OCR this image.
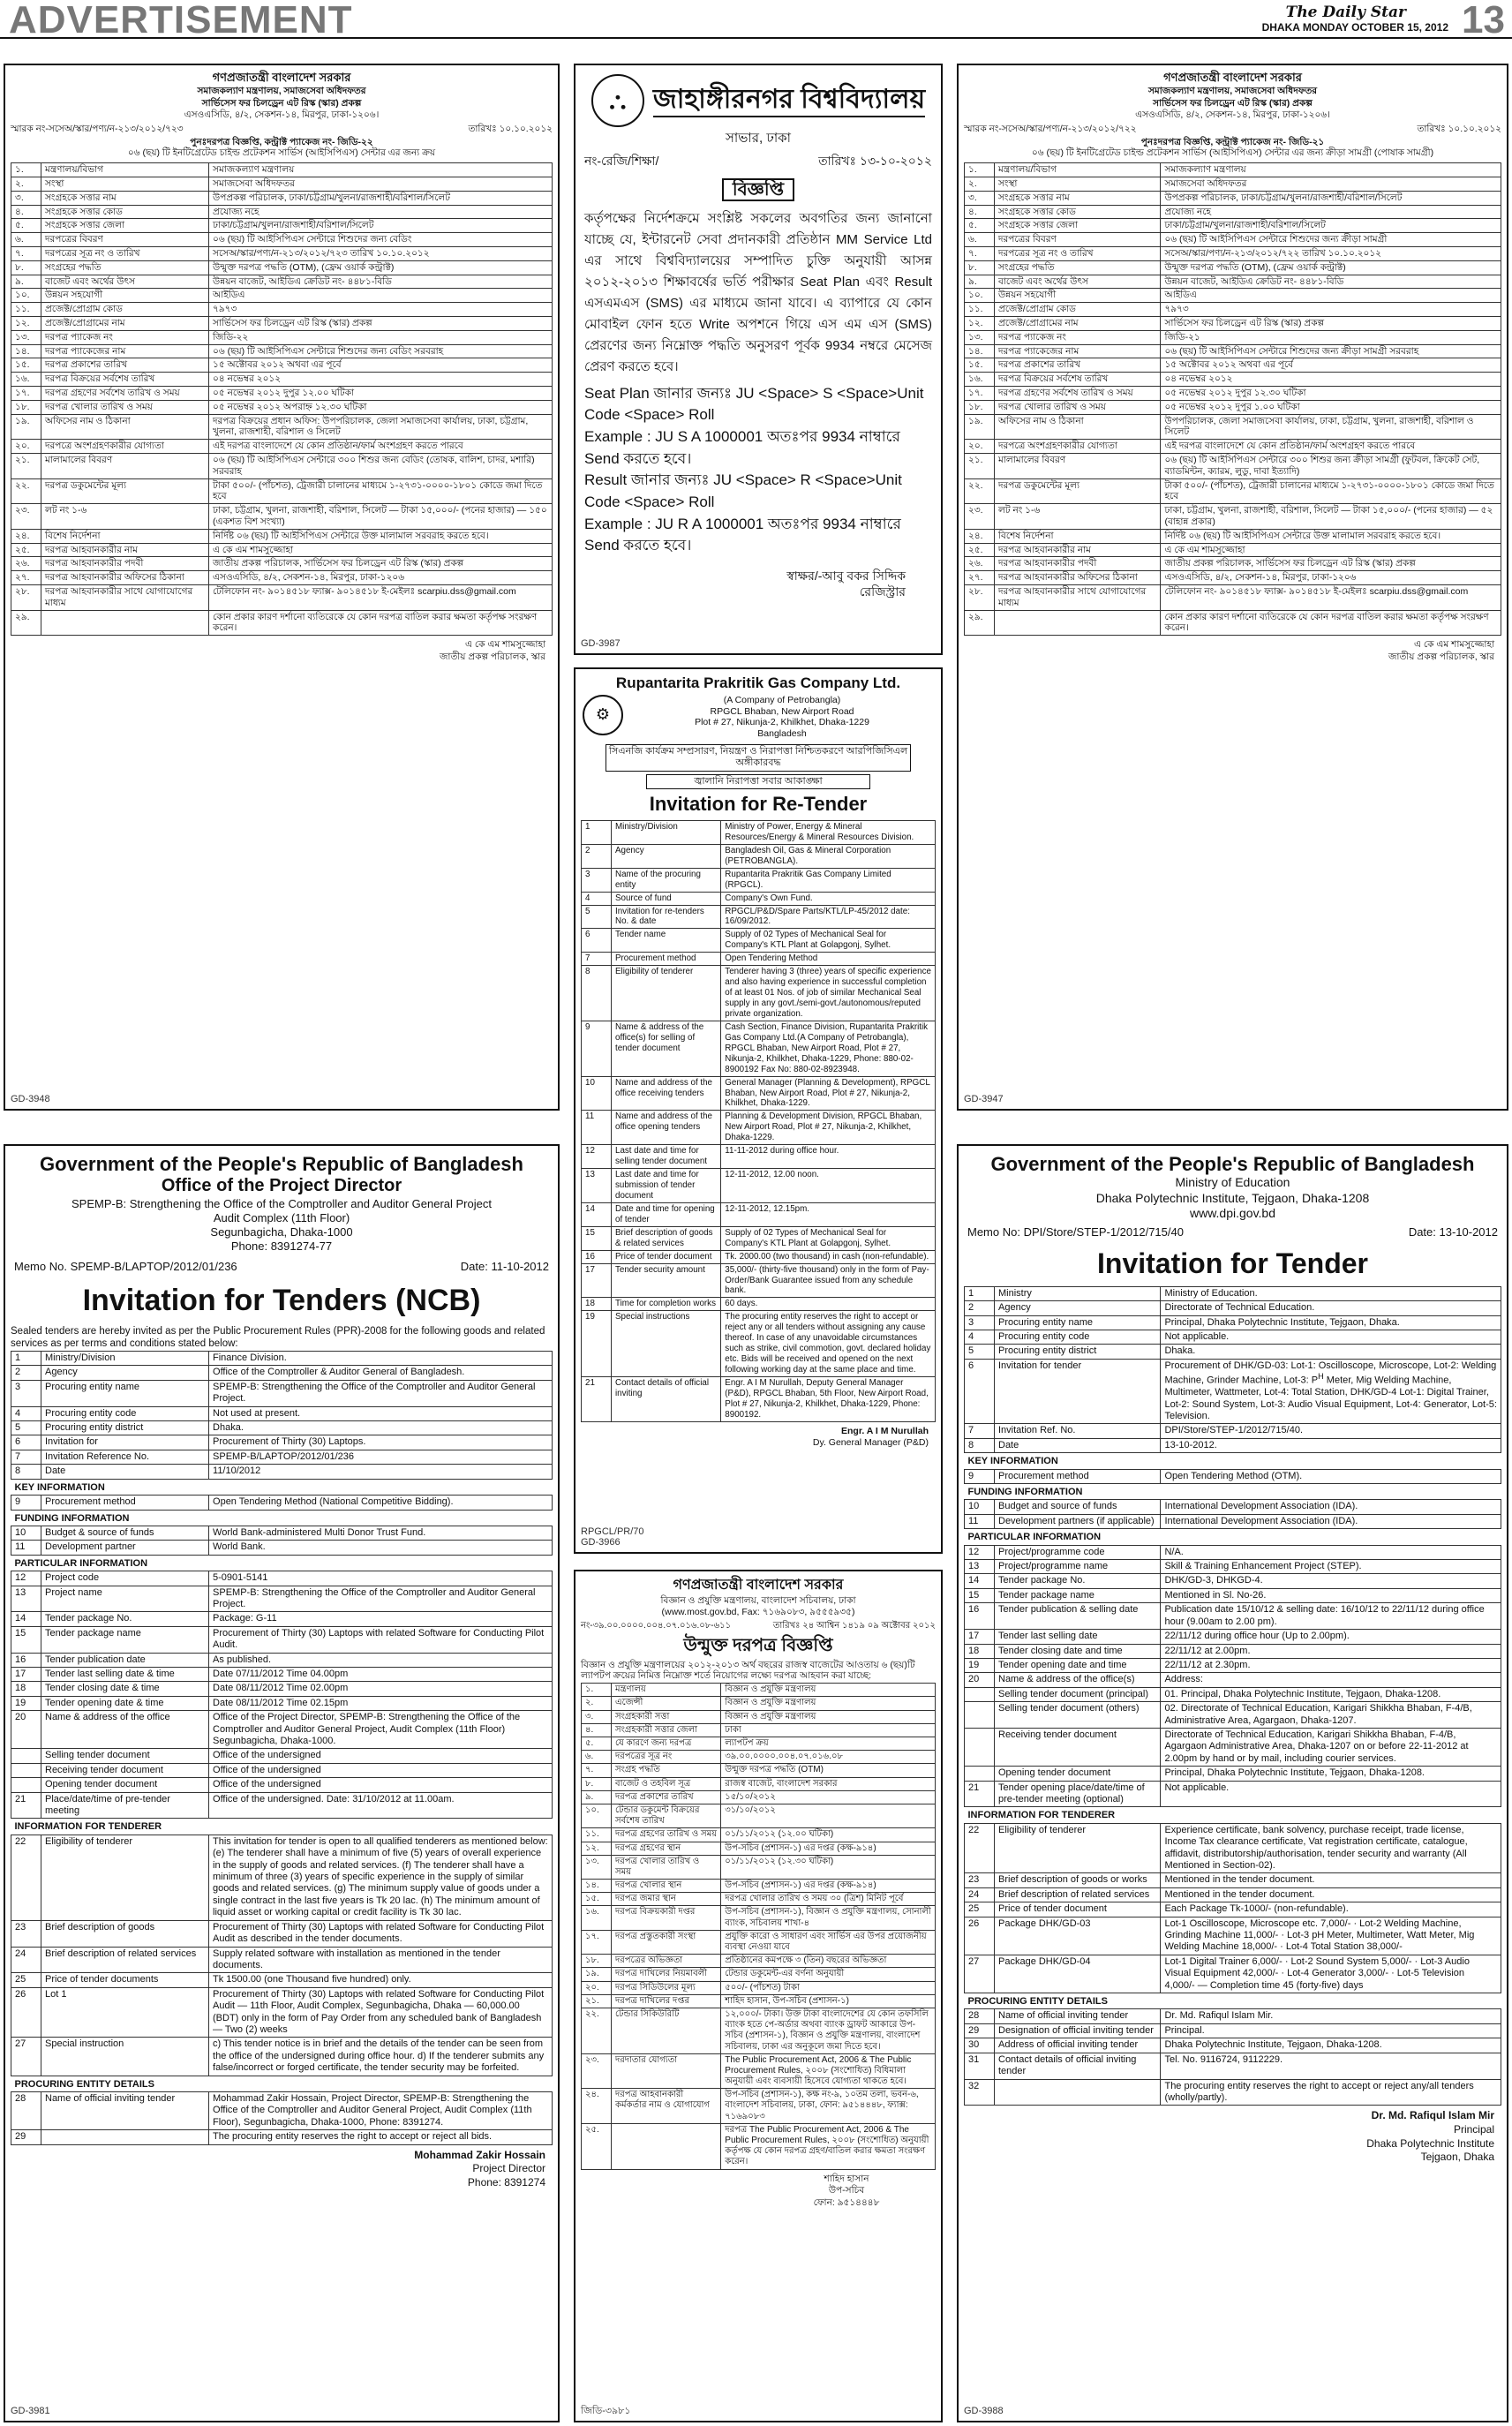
ADVERTISEMENT	The Daily Star
DHAKA MONDAY OCTOBER 15, 2012 13
গণপ্রজাতন্ত্রী বাংলাদেশ সরকার
সমাজকল্যাণ মন্ত্রণালয়, সমাজসেবা অধিদফতর
সার্ভিসেস ফর চিলড্রেন এট রিস্ক (স্কার) প্রকল্প
এসওএসিডি, ৪/২, সেকশন-১৪, মিরপুর, ঢাকা-১২০৬।
স্মারক নং-সসেঅ/স্কার/পণ্য/ন-২১৩/২০১২/৭২৩	তারিখঃ ১০.১০.২০১২
পুনঃদরপত্র বিজ্ঞপ্তি, কন্ট্রাক্ট প্যাকেজ নং- জিডি-২২
০৬ (ছয়) টি ইনটিগ্রেটেড চাইল্ড প্রটেকশন সার্ভিস (আইসিপিএস) সেন্টার এর জন্য ক্রয়
১.	মন্ত্রণালয়/বিভাগ	সমাজকল্যাণ মন্ত্রণালয়
২.	সংস্থা	সমাজসেবা অধিদফতর
৩.	সংগ্রহকে সত্তার নাম	উপপ্রকল্প পরিচালক, ঢাকা/চট্টগ্রাম/খুলনা/রাজশাহী/বরিশাল/সিলেট
৪.	সংগ্রহকে সত্তার কোড	প্রযোজ্য নহে
৫.	সংগ্রহকে সত্তার জেলা	ঢাকা/চট্টগ্রাম/খুলনা/রাজশাহী/বরিশাল/সিলেট
৬.	দরপত্রের বিবরণ	০৬ (ছয়) টি আইসিপিএস সেন্টারে শিশুদের জন্য বেডিং
৭.	দরপত্রের সূত্র নং ও তারিখ	সসেঅ/স্কার/পণ্য/ন-২১৩/২০১২/৭২৩ তারিখ ১০.১০.২০১২
৮.	সংগ্রহের পদ্ধতি	উন্মুক্ত দরপত্র পদ্ধতি (OTM), (ফ্রেম ওয়ার্ক কন্ট্রাক্ট)
৯.	বাজেট এবং অর্থের উৎস	উন্নয়ন বাজেট, আইডিএ ক্রেডিট নং- ৪৪৮১-বিডি
১০.	উন্নয়ন সহযোগী	আইডিএ
১১.	প্রজেক্ট/প্রোগ্রাম কোড	৭৯৭৩
১২.	প্রজেক্ট/প্রোগ্রামের নাম	সার্ভিসেস ফর চিলড্রেন এট রিস্ক (স্কার) প্রকল্প
১৩.	দরপত্র প্যাকেজ নং	জিডি-২২
১৪.	দরপত্র প্যাকেজের নাম	০৬ (ছয়) টি আইসিপিএস সেন্টারে শিশুদের জন্য বেডিং সরবরাহ
১৫.	দরপত্র প্রকাশের তারিখ	১৫ অক্টোবর ২০১২ অথবা এর পূর্বে
১৬.	দরপত্র বিক্রয়ের সর্বশেষ তারিখ	০৪ নভেম্বর ২০১২
১৭.	দরপত্র গ্রহণের সর্বশেষ তারিখ ও সময়	০৫ নভেম্বর ২০১২ দুপুর ১২.০০ ঘটিকা
১৮.	দরপত্র খোলার তারিখ ও সময়	০৫ নভেম্বর ২০১২ অপরাহ্ন ১২.৩০ ঘটিকা
১৯.	অফিসের নাম ও ঠিকানা	দরপত্র বিক্রয়ের প্রধান অফিস: উপপরিচালক, জেলা সমাজসেবা কার্যালয়, ঢাকা, চট্টগ্রাম, খুলনা, রাজশাহী, বরিশাল ও সিলেট
২০.	দরপত্রে অংশগ্রহণকারীর যোগ্যতা	এই দরপত্র বাংলাদেশে যে কোন প্রতিষ্ঠান/ফার্ম অংশগ্রহণ করতে পারবে
২১.	মালামালের বিবরণ	০৬ (ছয়) টি আইসিপিএস সেন্টারে ৩০০ শিশুর জন্য বেডিং (তোষক, বালিশ, চাদর, মশারি) সরবরাহ
২২.	দরপত্র ডকুমেন্টের মূল্য	টাকা ৫০০/- (পাঁচশত), ট্রেজারী চালানের মাধ্যমে ১-২৭৩১-০০০০-১৮০১ কোডে জমা দিতে হবে
২৩.	লট নং ১-৬	ঢাকা, চট্টগ্রাম, খুলনা, রাজশাহী, বরিশাল, সিলেট — টাকা ১৫,০০০/- (পনের হাজার) — ১৫০ (একশত বিশ সংখ্যা)
২৪.	বিশেষ নির্দেশনা	নির্দিষ্ট ০৬ (ছয়) টি আইসিপিএস সেন্টারে উক্ত মালামাল সরবরাহ করতে হবে।
২৫.	দরপত্র আহবানকারীর নাম	এ কে এম শামসুজ্জোহা
২৬.	দরপত্র আহবানকারীর পদবী	জাতীয় প্রকল্প পরিচালক, সার্ভিসেস ফর চিলড্রেন এট রিস্ক (স্কার) প্রকল্প
২৭.	দরপত্র আহবানকারীর অফিসের ঠিকানা	এসওএসিডি, ৪/২, সেকশন-১৪, মিরপুর, ঢাকা-১২০৬
২৮.	দরপত্র আহবানকারীর সাথে যোগাযোগের মাধ্যম	টেলিফোন নং- ৯০১৪৫১৮ ফ্যাক্স- ৯০১৪৫১৮ ই-মেইলঃ scarpiu.dss@gmail.com
২৯.		কোন প্রকার কারণ দর্শানো ব্যতিরেকে যে কোন দরপত্র বাতিল করার ক্ষমতা কর্তৃপক্ষ সংরক্ষণ করেন।
এ কে এম শামসুজ্জোহা
জাতীয় প্রকল্প পরিচালক, স্কার
GD-3948
⛬	জাহাঙ্গীরনগর বিশ্ববিদ্যালয়
সাভার, ঢাকা
নং-রেজি/শিক্ষা/	তারিখঃ ১৩-১০-২০১২
বিজ্ঞপ্তি
কর্তৃপক্ষের নির্দেশক্রমে সংশ্লিষ্ট সকলের অবগতির জন্য জানানো যাচ্ছে যে, ইন্টারনেট সেবা প্রদানকারী প্রতিষ্ঠান MM Service Ltd এর সাথে বিশ্ববিদ্যালয়ের সম্পাদিত চুক্তি অনুযায়ী আসন্ন ২০১২-২০১৩ শিক্ষাবর্ষের ভর্তি পরীক্ষার Seat Plan এবং Result এসএমএস (SMS) এর মাধ্যমে জানা যাবে। এ ব্যাপারে যে কোন মোবাইল ফোন হতে Write অপশনে গিয়ে এস এম এস (SMS) প্রেরণের জন্য নিম্নোক্ত পদ্ধতি অনুসরণ পূর্বক 9934 নম্বরে মেসেজ প্রেরণ করতে হবে।
Seat Plan জানার জন্যঃ JU <Space> S <Space>Unit Code <Space> Roll
Example : JU S A 1000001 অতঃপর 9934 নাম্বারে Send করতে হবে।
Result জানার জন্যঃ JU <Space> R <Space>Unit Code <Space> Roll
Example : JU R A 1000001 অতঃপর 9934 নাম্বারে Send করতে হবে।
স্বাক্ষর/-আবু বকর সিদ্দিক
রেজিস্ট্রার
GD-3987
Rupantarita Prakritik Gas Company Ltd.
⚙
(A Company of Petrobangla)
RPGCL Bhaban, New Airport Road
Plot # 27, Nikunja-2, Khilkhet, Dhaka-1229
Bangladesh
সিএনজি কার্যক্রম সম্প্রসারণ, নিয়ন্ত্রণ ও নিরাপত্তা নিশ্চিতকরণে আরপিজিসিএল অঙ্গীকারবদ্ধ
জ্বালানি নিরাপত্তা সবার আকাঙ্ক্ষা
Invitation for Re-Tender
1	Ministry/Division	Ministry of Power, Energy & Mineral Resources/Energy & Mineral Resources Division.
2	Agency	Bangladesh Oil, Gas & Mineral Corporation (PETROBANGLA).
3	Name of the procuring entity	Rupantarita Prakritik Gas Company Limited (RPGCL).
4	Source of fund	Company's Own Fund.
5	Invitation for re-tenders No. & date	RPGCL/P&D/Spare Parts/KTL/LP-45/2012 date: 16/09/2012.
6	Tender name	Supply of 02 Types of Mechanical Seal for Company's KTL Plant at Golapgonj, Sylhet.
7	Procurement method	Open Tendering Method
8	Eligibility of tenderer	Tenderer having 3 (three) years of specific experience and also having experience in successful completion of at least 01 Nos. of job of similar Mechanical Seal supply in any govt./semi-govt./autonomous/reputed private organization.
9	Name & address of the office(s) for selling of tender document	Cash Section, Finance Division, Rupantarita Prakritik Gas Company Ltd.(A Company of Petrobangla), RPGCL Bhaban, New Airport Road, Plot # 27, Nikunja-2, Khilkhet, Dhaka-1229, Phone: 880-02-8900192 Fax No: 880-02-8923948.
10	Name and address of the office receiving tenders	General Manager (Planning & Development), RPGCL Bhaban, New Airport Road, Plot # 27, Nikunja-2, Khilkhet, Dhaka-1229.
11	Name and address of the office opening tenders	Planning & Development Division, RPGCL Bhaban, New Airport Road, Plot # 27, Nikunja-2, Khilkhet, Dhaka-1229.
12	Last date and time for selling tender document	11-11-2012 during office hour.
13	Last date and time for submission of tender document	12-11-2012, 12.00 noon.
14	Date and time for opening of tender	12-11-2012, 12.15pm.
15	Brief description of goods & related services	Supply of 02 Types of Mechanical Seal for Company's KTL Plant at Golapgonj, Sylhet.
16	Price of tender document	Tk. 2000.00 (two thousand) in cash (non-refundable).
17	Tender security amount	35,000/- (thirty-five thousand) only in the form of Pay-Order/Bank Guarantee issued from any schedule bank.
18	Time for completion works	60 days.
19	Special instructions	The procuring entity reserves the right to accept or reject any or all tenders without assigning any cause thereof. In case of any unavoidable circumstances such as strike, civil commotion, govt. declared holiday etc. Bids will be received and opened on the next following working day at the same place and time.
21	Contact details of official inviting	Engr. A I M Nurullah, Deputy General Manager (P&D), RPGCL Bhaban, 5th Floor, New Airport Road, Plot # 27, Nikunja-2, Khilkhet, Dhaka-1229, Phone: 8900192.
Engr. A I M Nurullah
Dy. General Manager (P&D)
RPGCL/PR/70
GD-3966
গণপ্রজাতন্ত্রী বাংলাদেশ সরকার
সমাজকল্যাণ মন্ত্রণালয়, সমাজসেবা অধিদফতর
সার্ভিসেস ফর চিলড্রেন এট রিস্ক (স্কার) প্রকল্প
এসওএসিডি, ৪/২, সেকশন-১৪, মিরপুর, ঢাকা-১২০৬।
স্মারক নং-সসেঅ/স্কার/পণ্য/ন-২১৩/২০১২/৭২২	তারিখঃ ১০.১০.২০১২
পুনঃদরপত্র বিজ্ঞপ্তি, কন্ট্রাক্ট প্যাকেজ নং- জিডি-২১
০৬ (ছয়) টি ইনটিগ্রেটেড চাইল্ড প্রটেকশন সার্ভিস (আইসিপিএস) সেন্টার এর জন্য ক্রীড়া সামগ্রী (পোষাক সামগ্রী)
১.	মন্ত্রণালয়/বিভাগ	সমাজকল্যাণ মন্ত্রণালয়
২.	সংস্থা	সমাজসেবা অধিদফতর
৩.	সংগ্রহকে সত্তার নাম	উপপ্রকল্প পরিচালক, ঢাকা/চট্টগ্রাম/খুলনা/রাজশাহী/বরিশাল/সিলেট
৪.	সংগ্রহকে সত্তার কোড	প্রযোজ্য নহে
৫.	সংগ্রহকে সত্তার জেলা	ঢাকা/চট্টগ্রাম/খুলনা/রাজশাহী/বরিশাল/সিলেট
৬.	দরপত্রের বিবরণ	০৬ (ছয়) টি আইসিপিএস সেন্টারে শিশুদের জন্য ক্রীড়া সামগ্রী
৭.	দরপত্রের সূত্র নং ও তারিখ	সসেঅ/স্কার/পণ্য/ন-২১৩/২০১২/৭২২ তারিখ ১০.১০.২০১২
৮.	সংগ্রহের পদ্ধতি	উন্মুক্ত দরপত্র পদ্ধতি (OTM), (ফ্রেম ওয়ার্ক কন্ট্রাক্ট)
৯.	বাজেট এবং অর্থের উৎস	উন্নয়ন বাজেট, আইডিএ ক্রেডিট নং- ৪৪৮১-বিডি
১০.	উন্নয়ন সহযোগী	আইডিএ
১১.	প্রজেক্ট/প্রোগ্রাম কোড	৭৯৭৩
১২.	প্রজেক্ট/প্রোগ্রামের নাম	সার্ভিসেস ফর চিলড্রেন এট রিস্ক (স্কার) প্রকল্প
১৩.	দরপত্র প্যাকেজ নং	জিডি-২১
১৪.	দরপত্র প্যাকেজের নাম	০৬ (ছয়) টি আইসিপিএস সেন্টারে শিশুদের জন্য ক্রীড়া সামগ্রী সরবরাহ
১৫.	দরপত্র প্রকাশের তারিখ	১৫ অক্টোবর ২০১২ অথবা এর পূর্বে
১৬.	দরপত্র বিক্রয়ের সর্বশেষ তারিখ	০৪ নভেম্বর ২০১২
১৭.	দরপত্র গ্রহণের সর্বশেষ তারিখ ও সময়	০৫ নভেম্বর ২০১২ দুপুর ১২.৩০ ঘটিকা
১৮.	দরপত্র খোলার তারিখ ও সময়	০৫ নভেম্বর ২০১২ দুপুর ১.০০ ঘটিকা
১৯.	অফিসের নাম ও ঠিকানা	উপপরিচালক, জেলা সমাজসেবা কার্যালয়, ঢাকা, চট্টগ্রাম, খুলনা, রাজশাহী, বরিশাল ও সিলেট
২০.	দরপত্রে অংশগ্রহণকারীর যোগ্যতা	এই দরপত্র বাংলাদেশে যে কোন প্রতিষ্ঠান/ফার্ম অংশগ্রহণ করতে পারবে
২১.	মালামালের বিবরণ	০৬ (ছয়) টি আইসিপিএস সেন্টারে ৩০০ শিশুর জন্য ক্রীড়া সামগ্রী (ফুটবল, ক্রিকেট সেট, ব্যাডমিন্টন, ক্যারম, লুডু, দাবা ইত্যাদি)
২২.	দরপত্র ডকুমেন্টের মূল্য	টাকা ৫০০/- (পাঁচশত), ট্রেজারী চালানের মাধ্যমে ১-২৭৩১-০০০০-১৮০১ কোডে জমা দিতে হবে
২৩.	লট নং ১-৬	ঢাকা, চট্টগ্রাম, খুলনা, রাজশাহী, বরিশাল, সিলেট — টাকা ১৫,০০০/- (পনের হাজার) — ৫২ (বাহান্ন প্রকার)
২৪.	বিশেষ নির্দেশনা	নির্দিষ্ট ০৬ (ছয়) টি আইসিপিএস সেন্টারে উক্ত মালামাল সরবরাহ করতে হবে।
২৫.	দরপত্র আহবানকারীর নাম	এ কে এম শামসুজ্জোহা
২৬.	দরপত্র আহবানকারীর পদবী	জাতীয় প্রকল্প পরিচালক, সার্ভিসেস ফর চিলড্রেন এট রিস্ক (স্কার) প্রকল্প
২৭.	দরপত্র আহবানকারীর অফিসের ঠিকানা	এসওএসিডি, ৪/২, সেকশন-১৪, মিরপুর, ঢাকা-১২০৬
২৮.	দরপত্র আহবানকারীর সাথে যোগাযোগের মাধ্যম	টেলিফোন নং- ৯০১৪৫১৮ ফ্যাক্স- ৯০১৪৫১৮ ই-মেইলঃ scarpiu.dss@gmail.com
২৯.		কোন প্রকার কারণ দর্শানো ব্যতিরেকে যে কোন দরপত্র বাতিল করার ক্ষমতা কর্তৃপক্ষ সংরক্ষণ করেন।
এ কে এম শামসুজ্জোহা
জাতীয় প্রকল্প পরিচালক, স্কার
GD-3947
Government of the People's Republic of Bangladesh
Office of the Project Director
SPEMP-B: Strengthening the Office of the Comptroller and Auditor General Project
Audit Complex (11th Floor)
Segunbagicha, Dhaka-1000
Phone: 8391274-77
Memo No. SPEMP-B/LAPTOP/2012/01/236	Date: 11-10-2012
Invitation for Tenders (NCB)
Sealed tenders are hereby invited as per the Public Procurement Rules (PPR)-2008 for the following goods and related services as per terms and conditions stated below:
1	Ministry/Division	Finance Division.
2	Agency	Office of the Comptroller & Auditor General of Bangladesh.
3	Procuring entity name	SPEMP-B: Strengthening the Office of the Comptroller and Auditor General Project.
4	Procuring entity code	Not used at present.
5	Procuring entity district	Dhaka.
6	Invitation for	Procurement of Thirty (30) Laptops.
7	Invitation Reference No.	SPEMP-B/LAPTOP/2012/01/236
8	Date	11/10/2012
KEY INFORMATION		
9	Procurement method	Open Tendering Method (National Competitive Bidding).
FUNDING INFORMATION		
10	Budget & source of funds	World Bank-administered Multi Donor Trust Fund.
11	Development partner	World Bank.
PARTICULAR INFORMATION		
12	Project code	5-0901-5141
13	Project name	SPEMP-B: Strengthening the Office of the Comptroller and Auditor General Project.
14	Tender package No.	Package: G-11
15	Tender package name	Procurement of Thirty (30) Laptops with related Software for Conducting Pilot Audit.
16	Tender publication date	As published.
17	Tender last selling date & time	Date 07/11/2012 Time 04.00pm
18	Tender closing date & time	Date 08/11/2012 Time 02.00pm
19	Tender opening date & time	Date 08/11/2012 Time 02.15pm
20	Name & address of the office	Office of the Project Director, SPEMP-B: Strengthening the Office of the Comptroller and Auditor General Project, Audit Complex (11th Floor) Segunbagicha, Dhaka-1000.
	Selling tender document	Office of the undersigned
	Receiving tender document	Office of the undersigned
	Opening tender document	Office of the undersigned
21	Place/date/time of pre-tender meeting	Office of the undersigned. Date: 31/10/2012 at 11.00am.
INFORMATION FOR TENDERER		
22	Eligibility of tenderer	This invitation for tender is open to all qualified tenderers as mentioned below: (e) The tenderer shall have a minimum of five (5) years of overall experience in the supply of goods and related services. (f) The tenderer shall have a minimum of three (3) years of specific experience in the supply of similar goods and related services. (g) The minimum supply value of goods under a single contract in the last five years is Tk 20 lac. (h) The minimum amount of liquid asset or working capital or credit facility is Tk 30 lac.
23	Brief description of goods	Procurement of Thirty (30) Laptops with related Software for Conducting Pilot Audit as described in the tender documents.
24	Brief description of related services	Supply related software with installation as mentioned in the tender documents.
25	Price of tender documents	Tk 1500.00 (one Thousand five hundred) only.
26	Lot 1	Procurement of Thirty (30) Laptops with related Software for Conducting Pilot Audit — 11th Floor, Audit Complex, Segunbagicha, Dhaka — 60,000.00 (BDT) only in the form of Pay Order from any scheduled bank of Bangladesh — Two (2) weeks
27	Special instruction	c) This tender notice is in brief and the details of the tender can be seen from the office of the undersigned during office hour. d) If the tenderer submits any false/incorrect or forged certificate, the tender security may be forfeited.
PROCURING ENTITY DETAILS		
28	Name of official inviting tender	Mohammad Zakir Hossain, Project Director, SPEMP-B: Strengthening the Office of the Comptroller and Auditor General Project, Audit Complex (11th Floor), Segunbagicha, Dhaka-1000, Phone: 8391274.
29		The procuring entity reserves the right to accept or reject all bids.
Mohammad Zakir Hossain
Project Director
Phone: 8391274
GD-3981
গণপ্রজাতন্ত্রী বাংলাদেশ সরকার
বিজ্ঞান ও প্রযুক্তি মন্ত্রণালয়, বাংলাদেশ সচিবালয়, ঢাকা
(www.most.gov.bd, Fax: ৭১৬৯০৮৩, ৯৫৫৫৯৩৫)
নং-৩৯.০০.০০০০.০০৪.০৭.০১৬.০৮-৬১১	তারিখঃ ২৪ আশ্বিন ১৪১৯ ০৯ অক্টোবর ২০১২
উন্মুক্ত দরপত্র বিজ্ঞপ্তি
বিজ্ঞান ও প্রযুক্তি মন্ত্রণালয়ের ২০১২-২০১৩ অর্থ বছরের রাজস্ব বাজেটের আওতায় ৬ (ছয়)টি ল্যাপটপ ক্রয়ের নিমিত্ত নিম্নোক্ত শর্তে নিয়োগের লক্ষ্যে দরপত্র আহবান করা যাচ্ছে:
১.	মন্ত্রণালয়	বিজ্ঞান ও প্রযুক্তি মন্ত্রণালয়
২.	এজেন্সী	বিজ্ঞান ও প্রযুক্তি মন্ত্রণালয়
৩.	সংগ্রহকারী সত্তা	বিজ্ঞান ও প্রযুক্তি মন্ত্রণালয়
৪.	সংগ্রহকারী সত্তার জেলা	ঢাকা
৫.	যে কারণে জন্য দরপত্র	ল্যাপটপ ক্রয়
৬.	দরপত্রের সূত্র নং	৩৯.০০.০০০০.০০৪.০৭.০১৬.০৮
৭.	সংগ্রহ পদ্ধতি	উন্মুক্ত দরপত্র পদ্ধতি (OTM)
৮.	বাজেট ও তহবিল সূত্র	রাজস্ব বাজেট, বাংলাদেশ সরকার
৯.	দরপত্র প্রকাশের তারিখ	১৫/১০/২০১২
১০.	টেন্ডার ডকুমেন্ট বিক্রয়ের সর্বশেষ তারিখ	৩১/১০/২০১২
১১.	দরপত্র গ্রহণের তারিখ ও সময়	০১/১১/২০১২ (১২.০০ ঘটিকা)
১২.	দরপত্র গ্রহণের স্থান	উপ-সচিব (প্রশাসন-১) এর দপ্তর (কক্ষ-৯১৪)
১৩.	দরপত্র খোলার তারিখ ও সময়	০১/১১/২০১২ (১২.৩০ ঘটিকা)
১৪.	দরপত্র খোলার স্থান	উপ-সচিব (প্রশাসন-১) এর দপ্তর (কক্ষ-৯১৪)
১৫.	দরপত্র জমার স্থান	দরপত্র খোলার তারিখ ও সময় ৩০ (ত্রিশ) মিনিট পূর্বে
১৬.	দরপত্র বিক্রয়কারী দপ্তর	উপ-সচিব (প্রশাসন-১), বিজ্ঞান ও প্রযুক্তি মন্ত্রণালয়, সোনালী ব্যাংক, সচিবালয় শাখা-৪
১৭.	দরপত্র প্রস্তুতকারী সংস্থা	প্রযুক্তি কারো ও সাধারণ এবং সার্ভিস এর উপর প্রয়োজনীয় ব্যবস্থা নেওয়া যাবে
১৮.	দরপত্রের অভিজ্ঞতা	প্রতিষ্ঠানের কমপক্ষে ৩ (তিন) বছরের অভিজ্ঞতা
১৯.	দরপত্র দাখিলের নিয়মাবলী	টেন্ডার ডকুমেন্ট-এর বর্ণনা অনুযায়ী
২০.	দরপত্র সিডিউলের মূল্য	৫০০/- (পাঁচশত) টাকা
২১.	দরপত্র দাখিলের দপ্তর	শাহিদ হাসান, উপ-সচিব (প্রশাসন-১)
২২.	টেন্ডার সিকিউরিটি	১২,০০০/- টাকা। উক্ত টাকা বাংলাদেশের যে কোন তফসিলি ব্যাংক হতে পে-অর্ডার অথবা ব্যাংক ড্রাফট আকারে উপ-সচিব (প্রশাসন-১), বিজ্ঞান ও প্রযুক্তি মন্ত্রণালয়, বাংলাদেশ সচিবালয়, ঢাকা এর অনুকূলে জমা দিতে হবে।
২৩.	দরদাতার যোগ্যতা	The Public Procurement Act, 2006 & The Public Procurement Rules, ২০০৮ (সংশোধিত) বিধিমালা অনুযায়ী এবং ব্যবসায়ী হিসেবে যোগ্যতা থাকতে হবে।
২৪.	দরপত্র আহবানকারী কর্মকর্তার নাম ও যোগাযোগ	উপ-সচিব (প্রশাসন-১), কক্ষ নং-৯, ১০তম তলা, ভবন-৬, বাংলাদেশ সচিবালয়, ঢাকা, ফোন: ৯৫১৪৪৪৮, ফ্যাক্স: ৭১৬৯০৮৩
২৫.		দরপত্র The Public Procurement Act, 2006 & The Public Procurement Rules, ২০০৮ (সংশোধিত) অনুযায়ী কর্তৃপক্ষ যে কোন দরপত্র গ্রহণ/বাতিল করার ক্ষমতা সংরক্ষণ করেন।
শাহিদ হাসান
উপ-সচিব
ফোন: ৯৫১৪৪৪৮
জিডি-৩৯৮১
Government of the People's Republic of Bangladesh
Ministry of Education
Dhaka Polytechnic Institute, Tejgaon, Dhaka-1208
www.dpi.gov.bd
Memo No: DPI/Store/STEP-1/2012/715/40	Date: 13-10-2012
Invitation for Tender
1	Ministry	Ministry of Education.
2	Agency	Directorate of Technical Education.
3	Procuring entity name	Principal, Dhaka Polytechnic Institute, Tejgaon, Dhaka.
4	Procuring entity code	Not applicable.
5	Procuring entity district	Dhaka.
6	Invitation for tender	Procurement of DHK/GD-03: Lot-1: Oscilloscope, Microscope, Lot-2: Welding Machine, Grinder Machine, Lot-3: $P^H$ Meter, Mig Welding Machine, Multimeter, Wattmeter, Lot-4: Total Station, DHK/GD-4 Lot-1: Digital Trainer, Lot-2: Sound System, Lot-3: Audio Visual Equipment, Lot-4: Generator, Lot-5: Television.
7	Invitation Ref. No.	DPI/Store/STEP-1/2012/715/40.
8	Date	13-10-2012.
KEY INFORMATION		
9	Procurement method	Open Tendering Method (OTM).
FUNDING INFORMATION		
10	Budget and source of funds	International Development Association (IDA).
11	Development partners (if applicable)	International Development Association (IDA).
PARTICULAR INFORMATION		
12	Project/programme code	N/A.
13	Project/programme name	Skill & Training Enhancement Project (STEP).
14	Tender package No.	DHK/GD-3, DHKGD-4.
15	Tender package name	Mentioned in Sl. No-26.
16	Tender publication & selling date	Publication date 15/10/12 & selling date: 16/10/12 to 22/11/12 during office hour (9.00am to 2.00 pm).
17	Tender last selling date	22/11/12 during office hour (Up to 2.00pm).
18	Tender closing date and time	22/11/12 at 2.00pm.
19	Tender opening date and time	22/11/12 at 2.30pm.
20	Name & address of the office(s)	Address:
	Selling tender document (principal)	01. Principal, Dhaka Polytechnic Institute, Tejgaon, Dhaka-1208.
	Selling tender document (others)	02. Directorate of Technical Education, Karigari Shikkha Bhaban, F-4/B, Administrative Area, Agargaon, Dhaka-1207.
	Receiving tender document	Directorate of Technical Education, Karigari Shikkha Bhaban, F-4/B, Agargaon Administrative Area, Dhaka-1207 on or before 22-11-2012 at 2.00pm by hand or by mail, including courier services.
	Opening tender document	Principal, Dhaka Polytechnic Institute, Tejgaon, Dhaka-1208.
21	Tender opening place/date/time of pre-tender meeting (optional)	Not applicable.
INFORMATION FOR TENDERER		
22	Eligibility of tenderer	Experience certificate, bank solvency, purchase receipt, trade license, Income Tax clearance certificate, Vat registration certificate, catalogue, affidavit, distributorship/authorisation, tender security and warranty (All Mentioned in Section-02).
23	Brief description of goods or works	Mentioned in the tender document.
24	Brief description of related services	Mentioned in the tender document.
25	Price of tender document	Each Package Tk-1000/- (non-refundable).
26	Package DHK/GD-03	Lot-1 Oscilloscope, Microscope etc. 7,000/- · Lot-2 Welding Machine, Grinding Machine 11,000/- · Lot-3 pH Meter, Multimeter, Watt Meter, Mig Welding Machine 18,000/- · Lot-4 Total Station 38,000/-
27	Package DHK/GD-04	Lot-1 Digital Trainer 6,000/- · Lot-2 Sound System 5,000/- · Lot-3 Audio Visual Equipment 42,000/- · Lot-4 Generator 3,000/- · Lot-5 Television 4,000/- — Completion time 45 (forty-five) days
PROCURING ENTITY DETAILS		
28	Name of official inviting tender	Dr. Md. Rafiqul Islam Mir.
29	Designation of official inviting tender	Principal.
30	Address of official inviting tender	Dhaka Polytechnic Institute, Tejgaon, Dhaka-1208.
31	Contact details of official inviting tender	Tel. No. 9116724, 9112229.
32		The procuring entity reserves the right to accept or reject any/all tenders (wholly/partly).
Dr. Md. Rafiqul Islam Mir
Principal
Dhaka Polytechnic Institute
Tejgaon, Dhaka
GD-3988
